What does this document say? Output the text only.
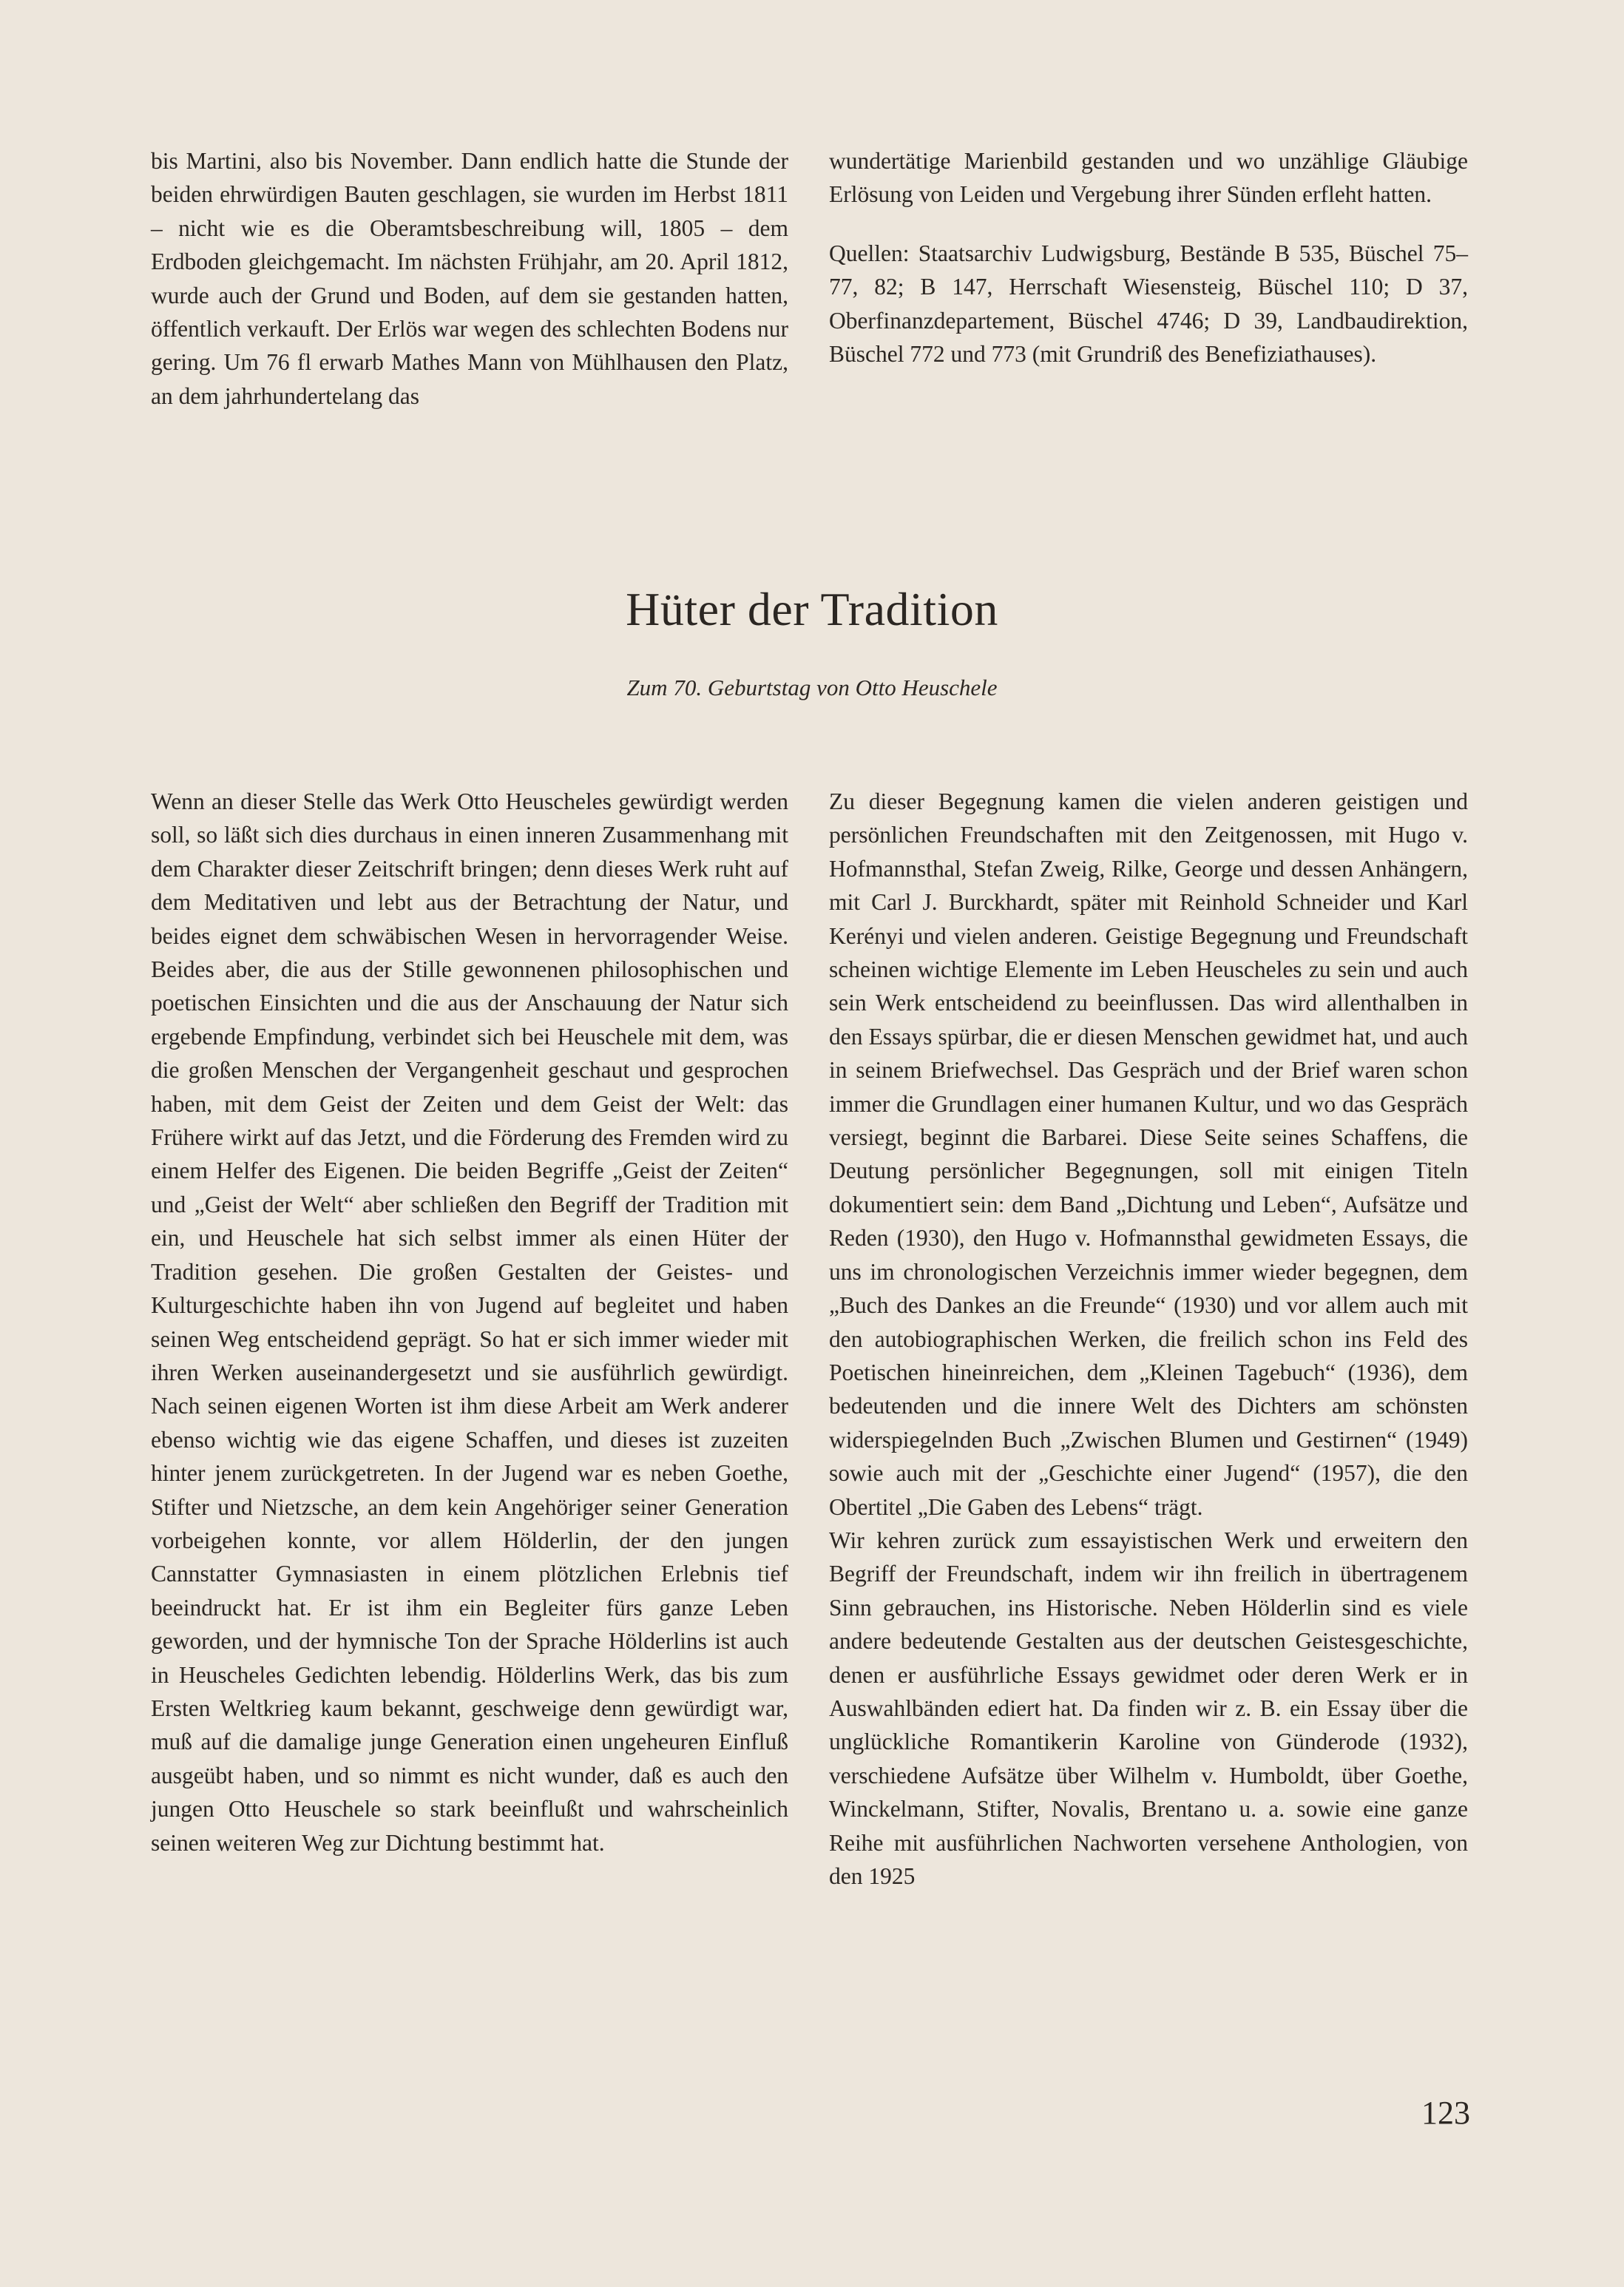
bis Martini, also bis November. Dann endlich hatte die Stunde der beiden ehrwürdigen Bauten geschlagen, sie wurden im Herbst 1811 – nicht wie es die Oberamtsbeschreibung will, 1805 – dem Erdboden gleichgemacht. Im nächsten Frühjahr, am 20. April 1812, wurde auch der Grund und Boden, auf dem sie gestanden hatten, öffentlich verkauft. Der Erlös war wegen des schlechten Bodens nur gering. Um 76 fl erwarb Mathes Mann von Mühlhausen den Platz, an dem jahrhundertelang das

wundertätige Marienbild gestanden und wo unzählige Gläubige Erlösung von Leiden und Vergebung ihrer Sünden erfleht hatten.

Quellen: Staatsarchiv Ludwigsburg, Bestände B 535, Büschel 75–77, 82; B 147, Herrschaft Wiesensteig, Büschel 110; D 37, Oberfinanzdepartement, Büschel 4746; D 39, Landbaudirektion, Büschel 772 und 773 (mit Grundriß des Benefiziathauses).

Hüter der Tradition

Zum 70. Geburtstag von Otto Heuschele

Wenn an dieser Stelle das Werk Otto Heuscheles gewürdigt werden soll, so läßt sich dies durchaus in einen inneren Zusammenhang mit dem Charakter dieser Zeitschrift bringen; denn dieses Werk ruht auf dem Meditativen und lebt aus der Betrachtung der Natur, und beides eignet dem schwäbischen Wesen in hervorragender Weise. Beides aber, die aus der Stille gewonnenen philosophischen und poetischen Einsichten und die aus der Anschauung der Natur sich ergebende Empfindung, verbindet sich bei Heuschele mit dem, was die großen Menschen der Vergangenheit geschaut und gesprochen haben, mit dem Geist der Zeiten und dem Geist der Welt: das Frühere wirkt auf das Jetzt, und die Förderung des Fremden wird zu einem Helfer des Eigenen. Die beiden Begriffe „Geist der Zeiten“ und „Geist der Welt“ aber schließen den Begriff der Tradition mit ein, und Heuschele hat sich selbst immer als einen Hüter der Tradition gesehen. Die großen Gestalten der Geistes- und Kulturgeschichte haben ihn von Jugend auf begleitet und haben seinen Weg entscheidend geprägt. So hat er sich immer wieder mit ihren Werken auseinandergesetzt und sie ausführlich gewürdigt. Nach seinen eigenen Worten ist ihm diese Arbeit am Werk anderer ebenso wichtig wie das eigene Schaffen, und dieses ist zuzeiten hinter jenem zurückgetreten. In der Jugend war es neben Goethe, Stifter und Nietzsche, an dem kein Angehöriger seiner Generation vorbeigehen konnte, vor allem Hölderlin, der den jungen Cannstatter Gymnasiasten in einem plötzlichen Erlebnis tief beeindruckt hat. Er ist ihm ein Begleiter fürs ganze Leben geworden, und der hymnische Ton der Sprache Hölderlins ist auch in Heuscheles Gedichten lebendig. Hölderlins Werk, das bis zum Ersten Weltkrieg kaum bekannt, geschweige denn gewürdigt war, muß auf die damalige junge Generation einen ungeheuren Einfluß ausgeübt haben, und so nimmt es nicht wunder, daß es auch den jungen Otto Heuschele so stark beeinflußt und wahrscheinlich seinen weiteren Weg zur Dichtung bestimmt hat.

Zu dieser Begegnung kamen die vielen anderen geistigen und persönlichen Freundschaften mit den Zeitgenossen, mit Hugo v. Hofmannsthal, Stefan Zweig, Rilke, George und dessen Anhängern, mit Carl J. Burckhardt, später mit Reinhold Schneider und Karl Kerényi und vielen anderen. Geistige Begegnung und Freundschaft scheinen wichtige Elemente im Leben Heuscheles zu sein und auch sein Werk entscheidend zu beeinflussen. Das wird allenthalben in den Essays spürbar, die er diesen Menschen gewidmet hat, und auch in seinem Briefwechsel. Das Gespräch und der Brief waren schon immer die Grundlagen einer humanen Kultur, und wo das Gespräch versiegt, beginnt die Barbarei. Diese Seite seines Schaffens, die Deutung persönlicher Begegnungen, soll mit einigen Titeln dokumentiert sein: dem Band „Dichtung und Leben“, Aufsätze und Reden (1930), den Hugo v. Hofmannsthal gewidmeten Essays, die uns im chronologischen Verzeichnis immer wieder begegnen, dem „Buch des Dankes an die Freunde“ (1930) und vor allem auch mit den autobiographischen Werken, die freilich schon ins Feld des Poetischen hineinreichen, dem „Kleinen Tagebuch“ (1936), dem bedeutenden und die innere Welt des Dichters am schönsten widerspiegelnden Buch „Zwischen Blumen und Gestirnen“ (1949) sowie auch mit der „Geschichte einer Jugend“ (1957), die den Obertitel „Die Gaben des Lebens“ trägt.

Wir kehren zurück zum essayistischen Werk und erweitern den Begriff der Freundschaft, indem wir ihn freilich in übertragenem Sinn gebrauchen, ins Historische. Neben Hölderlin sind es viele andere bedeutende Gestalten aus der deutschen Geistesgeschichte, denen er ausführliche Essays gewidmet oder deren Werk er in Auswahlbänden ediert hat. Da finden wir z. B. ein Essay über die unglückliche Romantikerin Karoline von Günderode (1932), verschiedene Aufsätze über Wilhelm v. Humboldt, über Goethe, Winckelmann, Stifter, Novalis, Brentano u. a. sowie eine ganze Reihe mit ausführlichen Nachworten versehene Anthologien, von den 1925

123
